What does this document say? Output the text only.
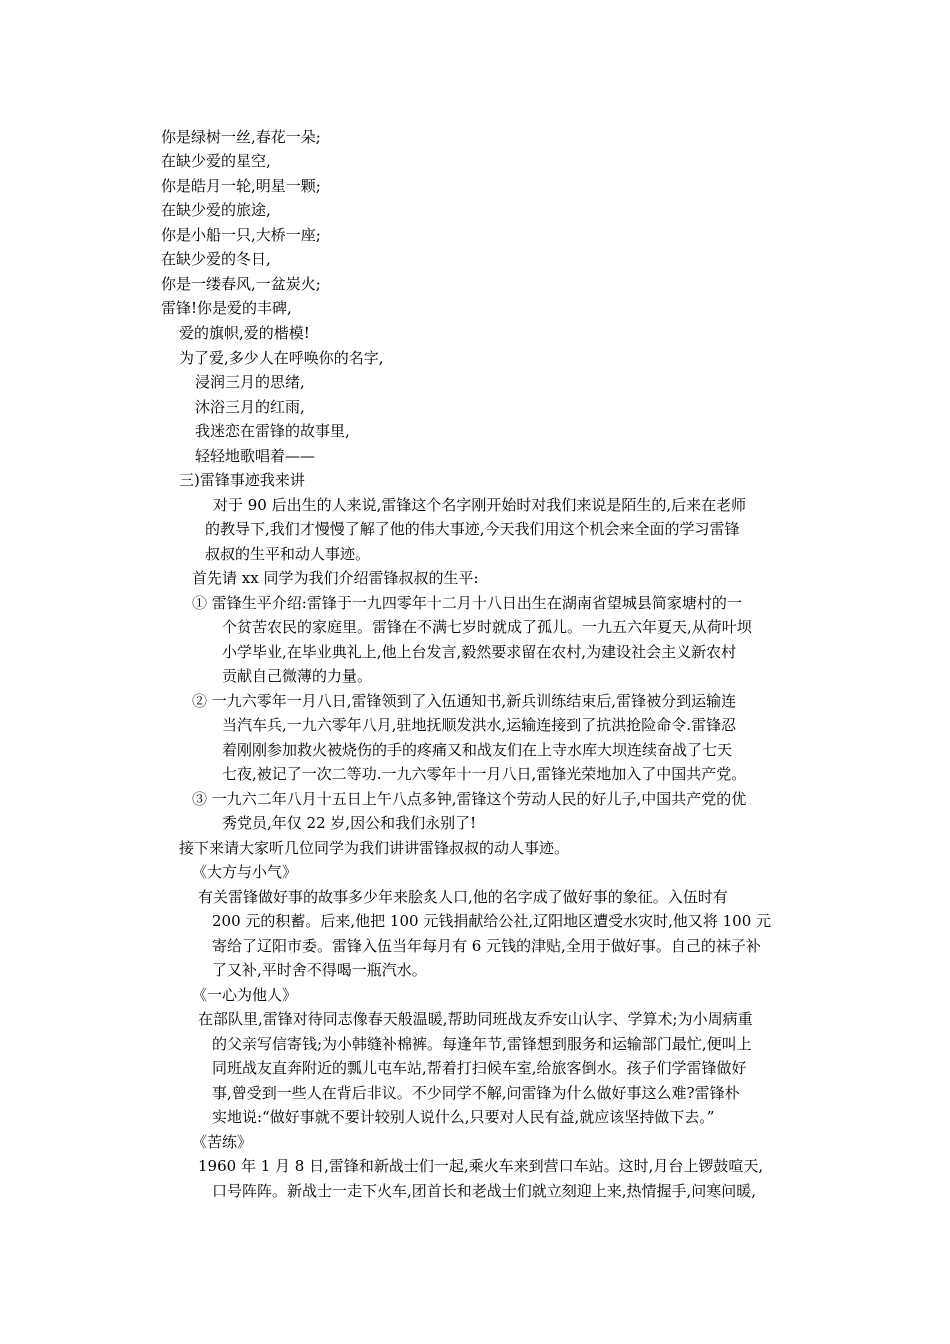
你是绿树一丝,春花一朵;
在缺少爱的星空,
你是皓月一轮,明星一颗;
在缺少爱的旅途,
你是小船一只,大桥一座;
在缺少爱的冬日,
你是一缕春风,一盆炭火;
雷锋!你是爱的丰碑,
爱的旗帜,爱的楷模!
为了爱,多少人在呼唤你的名字,
浸润三月的思绪,
沐浴三月的红雨,
我迷恋在雷锋的故事里,
轻轻地歌唱着——
三)雷锋事迹我来讲
对于 90 后出生的人来说,雷锋这个名字刚开始时对我们来说是陌生的,后来在老师
的教导下,我们才慢慢了解了他的伟大事迹,今天我们用这个机会来全面的学习雷锋
叔叔的生平和动人事迹。
首先请 xx 同学为我们介绍雷锋叔叔的生平:
① 雷锋生平介绍:雷锋于一九四零年十二月十八日出生在湖南省望城县简家塘村的一
个贫苦农民的家庭里。雷锋在不满七岁时就成了孤儿。一九五六年夏天,从荷叶坝
小学毕业,在毕业典礼上,他上台发言,毅然要求留在农村,为建设社会主义新农村
贡献自己微薄的力量。
② 一九六零年一月八日,雷锋领到了入伍通知书,新兵训练结束后,雷锋被分到运输连
当汽车兵,一九六零年八月,驻地抚顺发洪水,运输连接到了抗洪抢险命令.雷锋忍
着刚刚参加救火被烧伤的手的疼痛又和战友们在上寺水库大坝连续奋战了七天
七夜,被记了一次二等功.一九六零年十一月八日,雷锋光荣地加入了中国共产党。
③ 一九六二年八月十五日上午八点多钟,雷锋这个劳动人民的好儿子,中国共产党的优
秀党员,年仅 22 岁,因公和我们永别了!
接下来请大家听几位同学为我们讲讲雷锋叔叔的动人事迹。
《大方与小气》
有关雷锋做好事的故事多少年来脍炙人口,他的名字成了做好事的象征。入伍时有
200 元的积蓄。后来,他把 100 元钱捐献给公社,辽阳地区遭受水灾时,他又将 100 元
寄给了辽阳市委。雷锋入伍当年每月有 6 元钱的津贴,全用于做好事。自己的袜子补
了又补,平时舍不得喝一瓶汽水。
《一心为他人》
在部队里,雷锋对待同志像春天般温暖,帮助同班战友乔安山认字、学算术;为小周病重
的父亲写信寄钱;为小韩缝补棉裤。每逢年节,雷锋想到服务和运输部门最忙,便叫上
同班战友直奔附近的瓢儿屯车站,帮着打扫候车室,给旅客倒水。孩子们学雷锋做好
事,曾受到一些人在背后非议。不少同学不解,问雷锋为什么做好事这么难?雷锋朴
实地说:“做好事就不要计较别人说什么,只要对人民有益,就应该坚持做下去。”
《苦练》
1960 年 1 月 8 日,雷锋和新战士们一起,乘火车来到营口车站。这时,月台上锣鼓喧天,
口号阵阵。新战士一走下火车,团首长和老战士们就立刻迎上来,热情握手,问寒问暖,
